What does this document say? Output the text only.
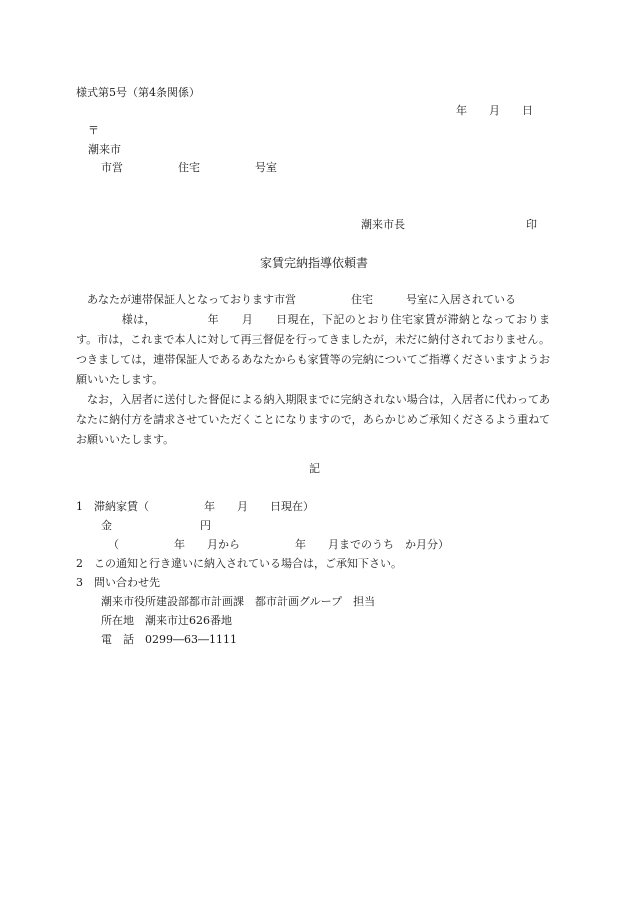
様式第5号（第4条関係）
年　　月　　日
〒
潮来市
市営　　　　　住宅　　　　　号室
潮来市長	印
家賃完納指導依頼書
　あなたが連帯保証人となっております市営　　　　　住宅　　　号室に入居されている

　　　　様は，　　　　　年　　月　　日現在，下記のとおり住宅家賃が滞納となっております。市は，これまで本人に対して再三督促を行ってきましたが，未だに納付されておりません。つきましては，連帯保証人であるあなたからも家賃等の完納についてご指導くださいますようお願いいたします。

　なお，入居者に送付した督促による納入期限までに完納されない場合は，入居者に代わってあなたに納付方を請求させていただくことになりますので，あらかじめご承知くださるよう重ねてお願いいたします。

記
1　滞納家賃（　　　　　年　　月　　日現在）
金　　　　　　　　円
（　　　　　年　　月から　　　　　年　　月までのうち　か月分）
2　この通知と行き違いに納入されている場合は，ご承知下さい。
3　問い合わせ先
潮来市役所建設部都市計画課　都市計画グループ　担当
所在地　潮来市辻626番地
電　話　0299―63―1111
